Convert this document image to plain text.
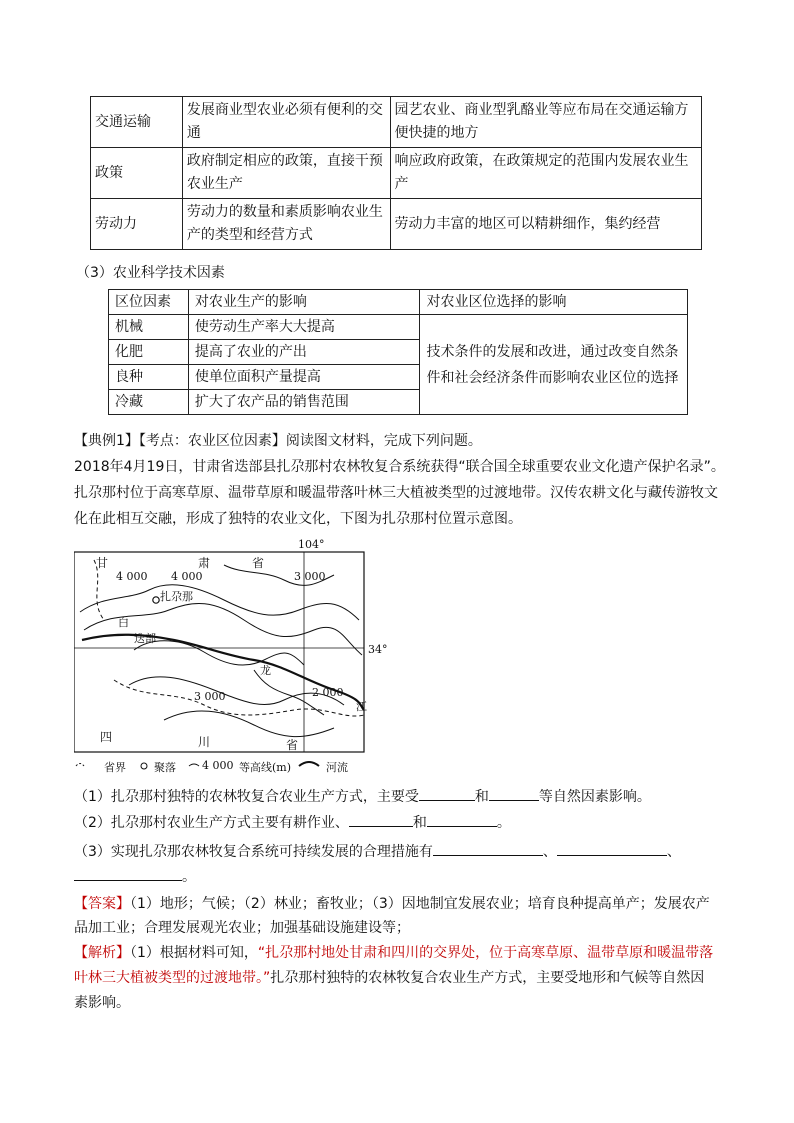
交通运输	发展商业型农业必须有便利的交通	园艺农业、商业型乳酪业等应布局在交通运输方便快捷的地方
政策	政府制定相应的政策，直接干预农业生产	响应政府政策，在政策规定的范围内发展农业生产
劳动力	劳动力的数量和素质影响农业生产的类型和经营方式	劳动力丰富的地区可以精耕细作，集约经营
（3）农业科学技术因素
区位因素	对农业生产的影响	对农业区位选择的影响
机械	使劳动生产率大大提高	技术条件的发展和改进，通过改变自然条件和社会经济条件而影响农业区位的选择
化肥	提高了农业的产出	
良种	使单位面积产量提高	
冷藏	扩大了农产品的销售范围	
【典例1】【考点：农业区位因素】阅读图文材料，完成下列问题。
2018年4月19日，甘肃省迭部县扎尕那村农林牧复合系统获得“联合国全球重要农业文化遗产保护名录”。
扎尕那村位于高寒草原、温带草原和暖温带落叶林三大植被类型的过渡地带。汉传农耕文化与藏传游牧文
化在此相互交融，形成了独特的农业文化，下图为扎尕那村位置示意图。
104°
34°
甘	肃	省
四	川	省
4 000 4 000	3 000
3 000	2 000
扎尕那
迭部
白
龙
江
省界	聚落 4 000 等高线(m)	河流
（1）扎尕那村独特的农林牧复合农业生产方式，主要受	和	等自然因素影响。
（2）扎尕那村农业生产方式主要有耕作业、	和	。
（3）实现扎尕那农林牧复合系统可持续发展的合理措施有	、	、
。
【答案】（1）地形；气候；（2）林业；畜牧业；（3）因地制宜发展农业；培育良种提高单产；发展农产
品加工业；合理发展观光农业；加强基础设施建设等；
【解析】（1）根据材料可知，“扎尕那村地处甘肃和四川的交界处，位于高寒草原、温带草原和暖温带落
叶林三大植被类型的过渡地带。”扎尕那村独特的农林牧复合农业生产方式，主要受地形和气候等自然因
素影响。
